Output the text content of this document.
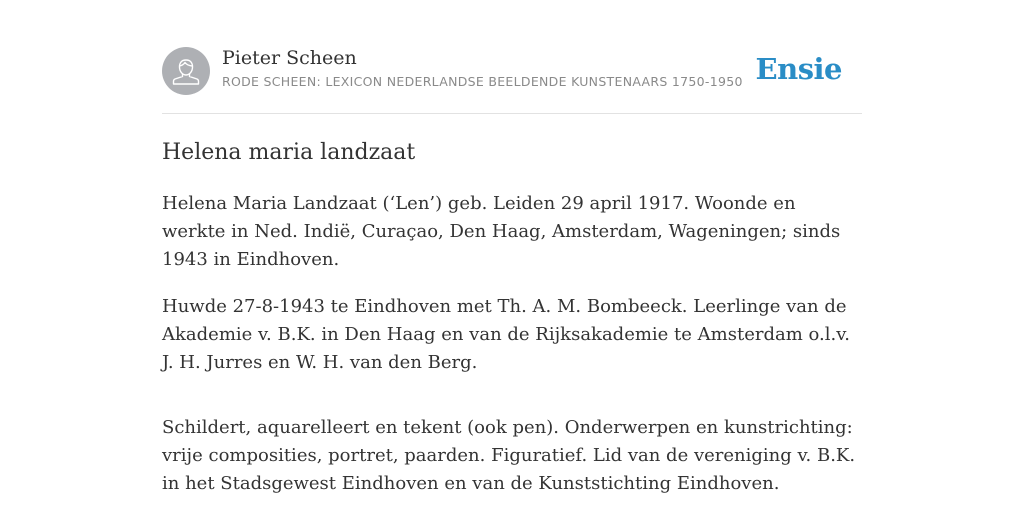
Pieter Scheen
RODE SCHEEN: LEXICON NEDERLANDSE BEELDENDE KUNSTENAARS 1750-1950 Ensie
Helena maria landzaat

Helena Maria Landzaat (‘Len’) geb. Leiden 29 april 1917. Woonde en werkte in Ned. Indië, Curaçao, Den Haag, Amsterdam, Wageningen; sinds 1943 in Eindhoven.

Huwde 27-8-1943 te Eindhoven met Th. A. M. Bombeeck. Leerlinge van de Akademie v. B.K. in Den Haag en van de Rijksakademie te Amsterdam o.l.v. J. H. Jurres en W. H. van den Berg.

Schildert, aquarelleert en tekent (ook pen). Onderwerpen en kunstrichting: vrije composities, portret, paarden. Figuratief. Lid van de vereniging v. B.K. in het Stadsgewest Eindhoven en van de Kunststichting Eindhoven.
